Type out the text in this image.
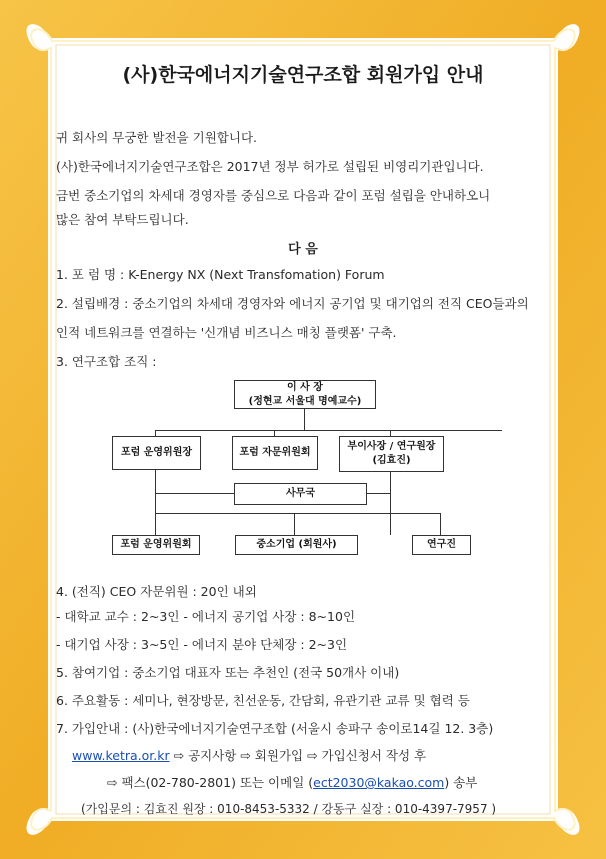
(사)한국에너지기술연구조합 회원가입 안내
귀 회사의 무궁한 발전을 기원합니다.
(사)한국에너지기술연구조합은 2017년 정부 허가로 설립된 비영리기관입니다.
금번 중소기업의 차세대 경영자를 중심으로 다음과 같이 포럼 설립을 안내하오니
많은 참여 부탁드립니다.
다 음
1. 포 럼 명 : K-Energy NX (Next Transfomation) Forum
2. 설립배경 : 중소기업의 차세대 경영자와 에너지 공기업 및 대기업의 전직 CEO들과의
인적 네트워크를 연결하는 '신개념 비즈니스 매칭 플랫폼' 구축.
3. 연구조합 조직 :
이 사 장
(정현교 서울대 명예교수)
포럼 운영위원장	포럼 자문위원회
부이사장 / 연구원장
(김효진)
사무국
포럼 운영위원회	중소기업 (회원사)	연구진
4. (전직) CEO 자문위원 : 20인 내외
- 대학교 교수 : 2~3인 - 에너지 공기업 사장 : 8~10인
- 대기업 사장 : 3~5인 - 에너지 분야 단체장 : 2~3인
5. 참여기업 : 중소기업 대표자 또는 추천인 (전국 50개사 이내)
6. 주요활동 : 세미나, 현장방문, 친선운동, 간담회, 유관기관 교류 및 협력 등
7. 가입안내 : (사)한국에너지기술연구조합 (서울시 송파구 송이로14길 12. 3층)
www.ketra.or.kr ⇨ 공지사항 ⇨ 회원가입 ⇨ 가입신청서 작성 후
⇨ 팩스(02-780-2801) 또는 이메일 (ect2030@kakao.com) 송부
(가입문의 : 김효진 원장 : 010-8453-5332 / 강동구 실장 : 010-4397-7957 )
